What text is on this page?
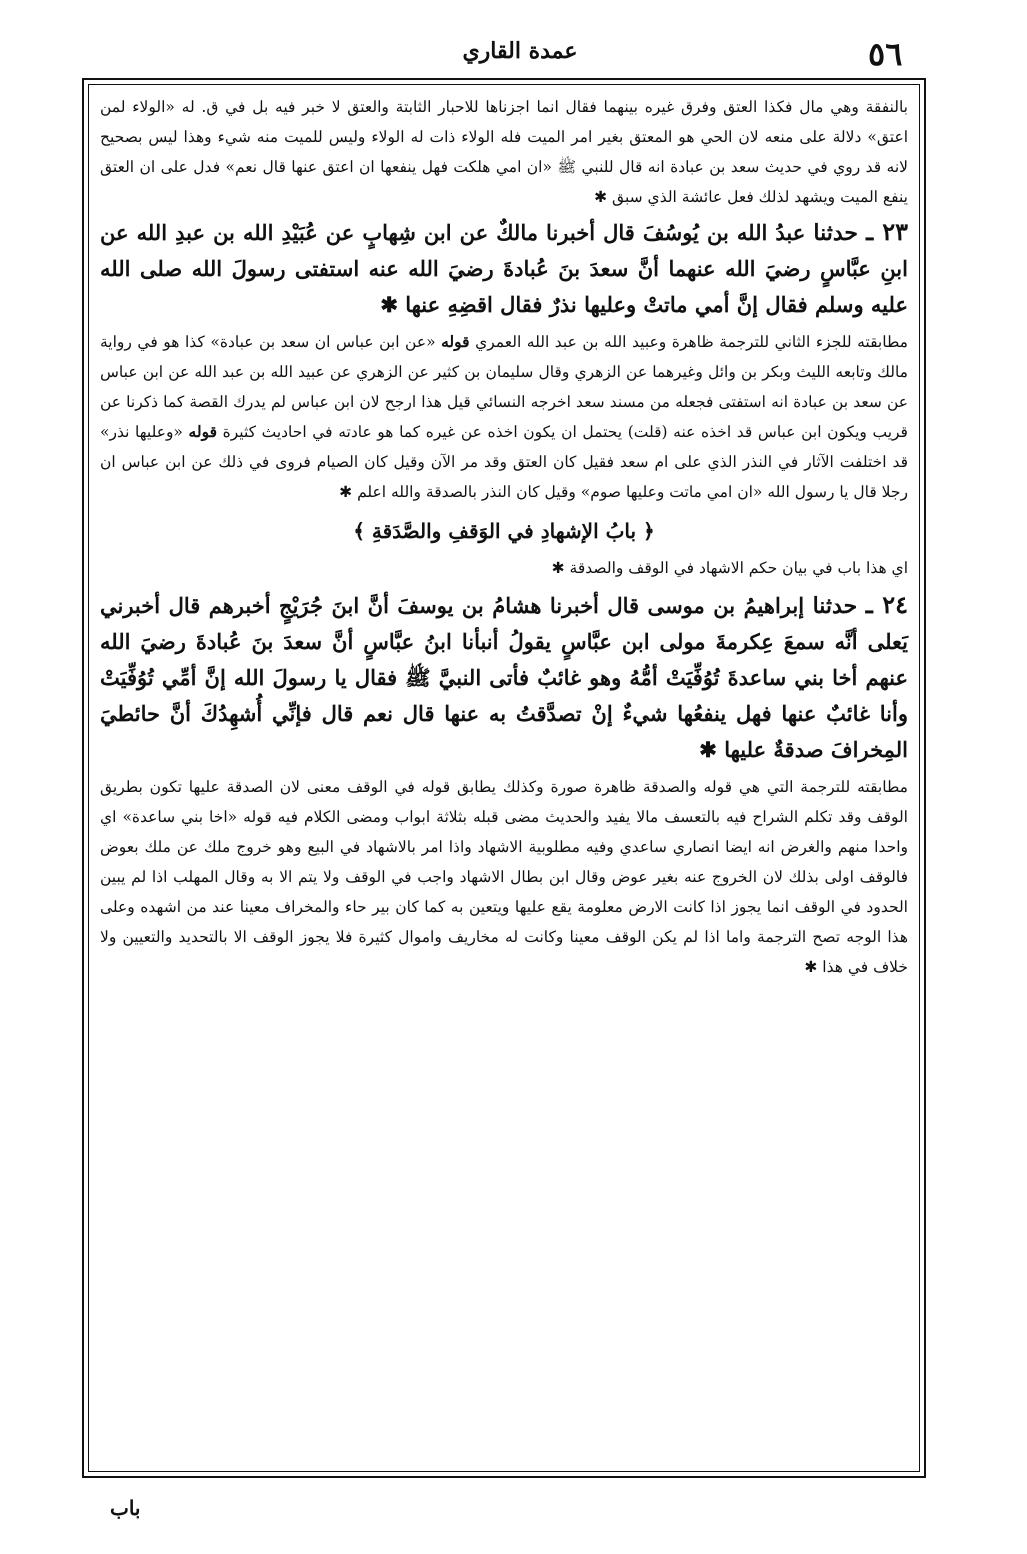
٥٦
عمدة القاري

بالنفقة وهي مال فكذا العتق وفرق غيره بينهما فقال انما اجزناها للاحبار الثابتة والعتق لا خبر فيه بل في ق. له «الولاء لمن اعتق» دلالة على منعه لان الحي هو المعتق بغير امر الميت فله الولاء ذات له الولاء وليس للميت منه شيء وهذا ليس بصحيح لانه قد روي في حديث سعد بن عبادة انه قال للنبي ﷺ «ان امي هلكت فهل ينفعها ان اعتق عنها قال نعم» فدل على ان العتق ينفع الميت ويشهد لذلك فعل عائشة الذي سبق ✱

٢٣ ـ حدثنا عبدُ الله بن يُوسُفَ قال أخبرنا مالكٌ عن ابن شِهابٍ عن عُبَيْدِ الله بن عبدِ الله عن ابنِ عبَّاسٍ رضيَ الله عنهما أنَّ سعدَ بنَ عُبادةَ رضيَ الله عنه استفتى رسولَ الله صلى الله عليه وسلم فقال إنَّ أمي ماتتْ وعليها نذرٌ فقال اقضِهِ عنها ✱

مطابقته للجزء الثاني للترجمة ظاهرة وعبيد الله بن عبد الله العمري قوله «عن ابن عباس ان سعد بن عبادة» كذا هو في رواية مالك وتابعه الليث وبكر بن وائل وغيرهما عن الزهري وقال سليمان بن كثير عن الزهري عن عبيد الله بن عبد الله عن ابن عباس عن سعد بن عبادة انه استفتى فجعله من مسند سعد اخرجه النسائي قيل هذا ارجح لان ابن عباس لم يدرك القصة كما ذكرنا عن قريب ويكون ابن عباس قد اخذه عنه (قلت) يحتمل ان يكون اخذه عن غيره كما هو عادته في احاديث كثيرة قوله «وعليها نذر» قد اختلفت الآثار في النذر الذي على ام سعد فقيل كان العتق وقد مر الآن وقيل كان الصيام فروى في ذلك عن ابن عباس ان رجلا قال يا رسول الله «ان امي ماتت وعليها صوم» وقيل كان النذر بالصدقة والله اعلم ✱

﴿ بابُ الإشهادِ في الوَقفِ والصَّدَقةِ ﴾

اي هذا باب في بيان حكم الاشهاد في الوقف والصدقة ✱

٢٤ ـ حدثنا إبراهيمُ بن موسى قال أخبرنا هشامُ بن يوسفَ أنَّ ابنَ جُرَيْجٍ أخبرهم قال أخبرني يَعلى أنَّه سمعَ عِكرمةَ مولى ابن عبَّاسٍ يقولُ أنبأنا ابنُ عبَّاسٍ أنَّ سعدَ بنَ عُبادةَ رضيَ الله عنهم أخا بني ساعدةَ تُوُفِّيَتْ أمُّهُ وهو غائبٌ فأتى النبيَّ ﷺ فقال يا رسولَ الله إنَّ أمِّي تُوُفِّيَتْ وأنا غائبٌ عنها فهل ينفعُها شيءٌ إنْ تصدَّقتُ به عنها قال نعم قال فإنِّي أُشهِدُكَ أنَّ حائطيَ المِخرافَ صدقةٌ عليها ✱

مطابقته للترجمة التي هي قوله والصدقة ظاهرة صورة وكذلك يطابق قوله في الوقف معنى لان الصدقة عليها تكون بطريق الوقف وقد تكلم الشراح فيه بالتعسف مالا يفيد والحديث مضى قبله بثلاثة ابواب ومضى الكلام فيه قوله «اخا بني ساعدة» اي واحدا منهم والغرض انه ايضا انصاري ساعدي وفيه مطلوبية الاشهاد واذا امر بالاشهاد في البيع وهو خروج ملك عن ملك بعوض فالوقف اولى بذلك لان الخروج عنه بغير عوض وقال ابن بطال الاشهاد واجب في الوقف ولا يتم الا به وقال المهلب اذا لم يبين الحدود في الوقف انما يجوز اذا كانت الارض معلومة يقع عليها ويتعين به كما كان بير حاء والمخراف معينا عند من اشهده وعلى هذا الوجه تصح الترجمة واما اذا لم يكن الوقف معينا وكانت له مخاريف واموال كثيرة فلا يجوز الوقف الا بالتحديد والتعيين ولا خلاف في هذا ✱

باب
